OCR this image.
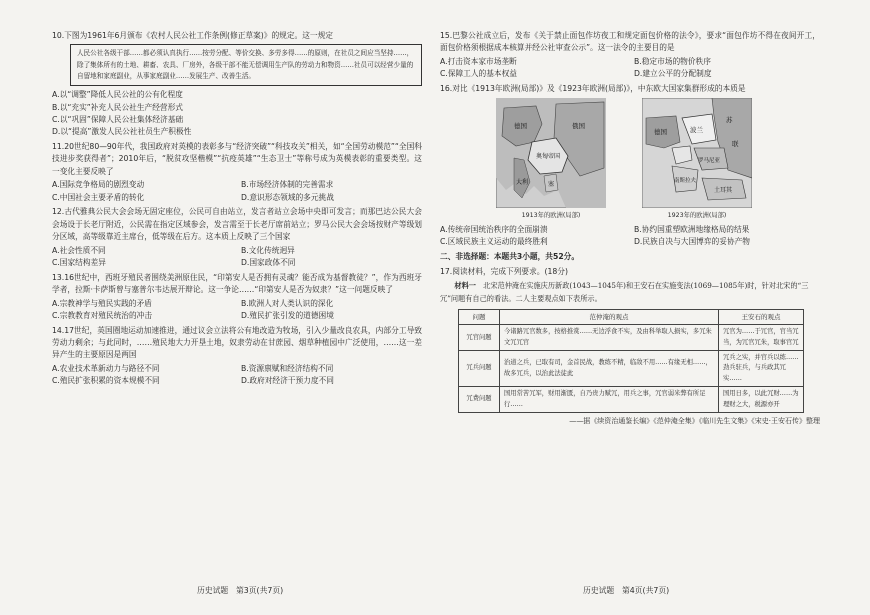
10.下图为1961年6月颁布《农村人民公社工作条例(修正草案)》的规定。这一规定

人民公社各级干部……都必须认真执行……按劳分配、等价交换、多劳多得……的原则，在社员之间应当坚持……，除了集体所有的土地、耕畜、农具、厂房外，各级干部不能无偿调用生产队的劳动力和物资……社员可以经营少量的自留地和家庭副业，从事家庭副业……发展生产、改善生活。
A.以“调整”降低人民公社的公有化程度
B.以“充实”补充人民公社生产经营形式
C.以“巩固”保障人民公社集体经济基础
D.以“提高”激发人民公社社员生产积极性

11.20世纪80—90年代，我国政府对英模的表彰多与“经济突破”“科技攻关”相关，如“全国劳动模范”“全国科技进步奖获得者”；2010年后，“脱贫攻坚楷模”“抗疫英雄”“生态卫士”等称号成为英模表彰的重要类型。这一变化主要反映了

A.国际竞争格局的剧烈变动	B.市场经济体制的完善需求
C.中国社会主要矛盾的转化	D.意识形态领域的多元挑战

12.古代雅典公民大会会场无固定座位，公民可自由站立，发言者站立会场中央即可发言；而那巴达公民大会会场设于长老厅附近，公民需在指定区域参会，发言需至于长老厅席前站立；罗马公民大会会场按财产等级划分区域，高等级靠近主席台，低等级在后方。这本质上反映了三个国家

A.社会性质不同	B.文化传统迥异
C.国家结构差异	D.国家政体不同

13.16世纪中，西班牙殖民者围绕美洲原住民，“印第安人是否拥有灵魂？能否成为基督教徒？”，作为西班牙学者，拉斯·卡萨斯曾与塞普尔韦达展开辩论。这一争论……“印第安人是否为奴隶？”这一问题反映了

A.宗教神学与殖民实践的矛盾	B.欧洲人对人类认识的深化
C.宗教教育对殖民统治的冲击	D.殖民扩张引发的道德困境

14.17世纪，英国圈地运动加速推进，通过议会立法将公有地改造为牧场，引入少量改良农具，内部分工导致劳动力剩余；与此同时，……殖民地大力开垦土地，奴隶劳动在甘蔗园、烟草种植园中广泛使用，……这一差异产生的主要原因是两国

A.农业技术革新动力与路径不同	B.资源禀赋和经济结构不同
C.殖民扩张积累的资本规模不同	D.政府对经济干预力度不同

15.巴黎公社成立后，发布《关于禁止面包作坊夜工和规定面包价格的法令》，要求“面包作坊不得在夜间开工，面包价格须根据成本核算并经公社审查公示”。这一法令的主要目的是

A.打击资本家市场垄断	B.稳定市场的物价秩序
C.保障工人的基本权益	D.建立公平的分配制度

16.对比《1913年欧洲(局部)》及《1923年欧洲(局部)》，中东欧大国家集群形成的本质是

德国	俄国
奥匈帝国
塞
大利
1913年的欧洲(局部)
苏
波兰
联
德国
罗马尼亚
南斯拉夫
土耳其
1923年的欧洲(局部)
A.传统帝国统治秩序的全面崩溃	B.协约国重塑欧洲地缘格局的结果
C.区域民族主义运动的最终胜利	D.民族自决与大国博弈的妥协产物
二、非选择题：本题共3小题，共52分。

17.阅读材料，完成下列要求。(18分)

材料一　 北宋范仲淹在实施庆历新政(1043—1045年)和王安石在实施变法(1069—1085年)时，针对北宋的“三冗”问题有自己的看法。二人主要观点如下表所示。

问题	范仲淹的观点	王安石的观点
冗官问题	今诸路冗官数多，按格推赏……无边浮食不实，及由科举取人损实，多冗朱文冗冗官	冗官为……于冗官，官当冗当，为冗官冗朱，取事官冗
冗兵问题	治道之兵，已取有司，金首民战，教练不精，临敌不用……有缘无相……，故多冗兵，以治此法徒此	冗兵之实，并官兵以练……劲兵驻兵，与兵政其冗实……
冗费问题	国用常苦冗军，财用渐匮，自乃贵力赋冗，用兵之事，冗官弱米弊有所足行……	国用日多，以此冗财……为理财之大，税源亦开
——据《续资治通鉴长编》《范仲淹全集》《临川先生文集》《宋史·王安石传》整理
历史试题　第3页(共7页)	历史试题　第4页(共7页)
